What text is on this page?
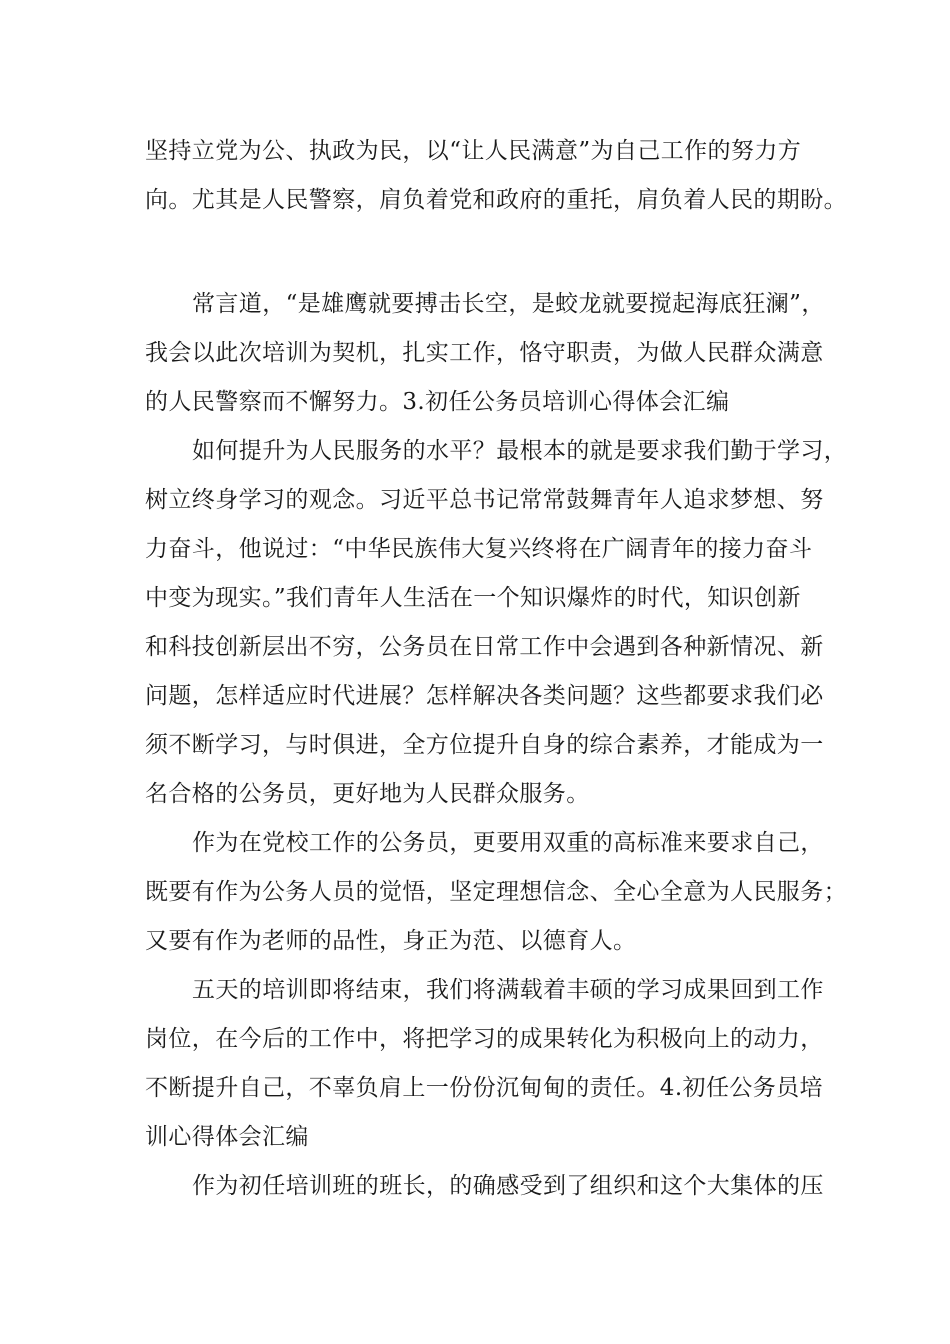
坚持立党为公、执政为民，以“让人民满意”为自己工作的努力方
向。尤其是人民警察，肩负着党和政府的重托，肩负着人民的期盼。
常言道，“是雄鹰就要搏击长空，是蛟龙就要搅起海底狂澜”，
我会以此次培训为契机，扎实工作，恪守职责，为做人民群众满意
的人民警察而不懈努力。3.初任公务员培训心得体会汇编
如何提升为人民服务的水平？最根本的就是要求我们勤于学习，
树立终身学习的观念。习近平总书记常常鼓舞青年人追求梦想、努
力奋斗，他说过：“中华民族伟大复兴终将在广阔青年的接力奋斗
中变为现实。”我们青年人生活在一个知识爆炸的时代，知识创新
和科技创新层出不穷，公务员在日常工作中会遇到各种新情况、新
问题，怎样适应时代进展？怎样解决各类问题？这些都要求我们必
须不断学习，与时俱进，全方位提升自身的综合素养，才能成为一
名合格的公务员，更好地为人民群众服务。
作为在党校工作的公务员，更要用双重的高标准来要求自己，
既要有作为公务人员的觉悟，坚定理想信念、全心全意为人民服务；
又要有作为老师的品性，身正为范、以德育人。
五天的培训即将结束，我们将满载着丰硕的学习成果回到工作
岗位，在今后的工作中，将把学习的成果转化为积极向上的动力，
不断提升自己，不辜负肩上一份份沉甸甸的责任。4.初任公务员培
训心得体会汇编
作为初任培训班的班长，的确感受到了组织和这个大集体的压
